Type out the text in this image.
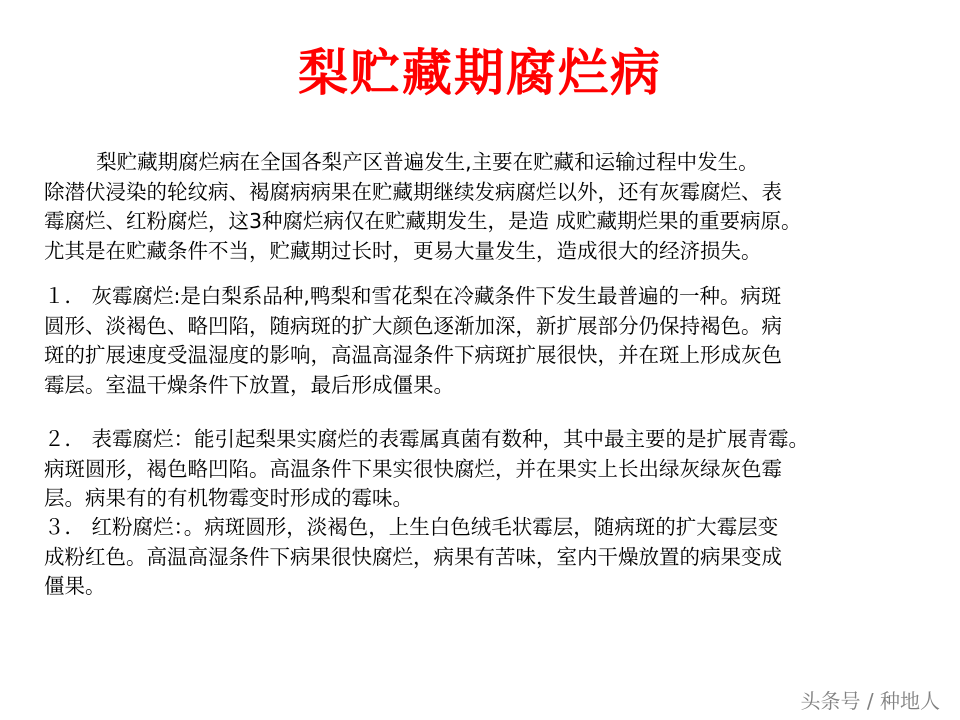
梨贮藏期腐烂病
梨贮藏期腐烂病在全国各梨产区普遍发生,主要在贮藏和运输过程中发生。
除潜伏浸染的轮纹病、褐腐病病果在贮藏期继续发病腐烂以外，还有灰霉腐烂、表
霉腐烂、红粉腐烂，这3种腐烂病仅在贮藏期发生，是造 成贮藏期烂果的重要病原。
尤其是在贮藏条件不当，贮藏期过长时，更易大量发生，造成很大的经济损失。
１． 灰霉腐烂:是白梨系品种,鸭梨和雪花梨在冷藏条件下发生最普遍的一种。病斑
圆形、淡褐色、略凹陷，随病斑的扩大颜色逐渐加深，新扩展部分仍保持褐色。病
斑的扩展速度受温湿度的影响，高温高湿条件下病斑扩展很快，并在斑上形成灰色
霉层。室温干燥条件下放置，最后形成僵果。
２． 表霉腐烂：能引起梨果实腐烂的表霉属真菌有数种，其中最主要的是扩展青霉。
病斑圆形，褐色略凹陷。高温条件下果实很快腐烂，并在果实上长出绿灰绿灰色霉
层。病果有的有机物霉变时形成的霉味。
３． 红粉腐烂：。病斑圆形，淡褐色，上生白色绒毛状霉层，随病斑的扩大霉层变
成粉红色。高温高湿条件下病果很快腐烂，病果有苦味，室内干燥放置的病果变成
僵果。
头条号 / 种地人
